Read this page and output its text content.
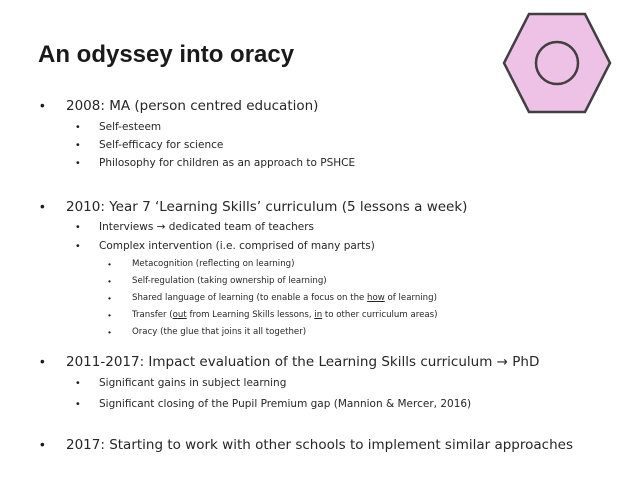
An odyssey into oracy
• 2008: MA (person centred education)
• Self-esteem
• Self-efficacy for science
• Philosophy for children as an approach to PSHCE
• 2010: Year 7 ‘Learning Skills’ curriculum (5 lessons a week)
• Interviews → dedicated team of teachers
• Complex intervention (i.e. comprised of many parts)
• Metacognition (reflecting on learning)
• Self-regulation (taking ownership of learning)
• Shared language of learning (to enable a focus on the how of learning)
• Transfer (out from Learning Skills lessons, in to other curriculum areas)
• Oracy (the glue that joins it all together)
• 2011-2017: Impact evaluation of the Learning Skills curriculum → PhD
• Significant gains in subject learning
• Significant closing of the Pupil Premium gap (Mannion & Mercer, 2016)
• 2017: Starting to work with other schools to implement similar approaches
